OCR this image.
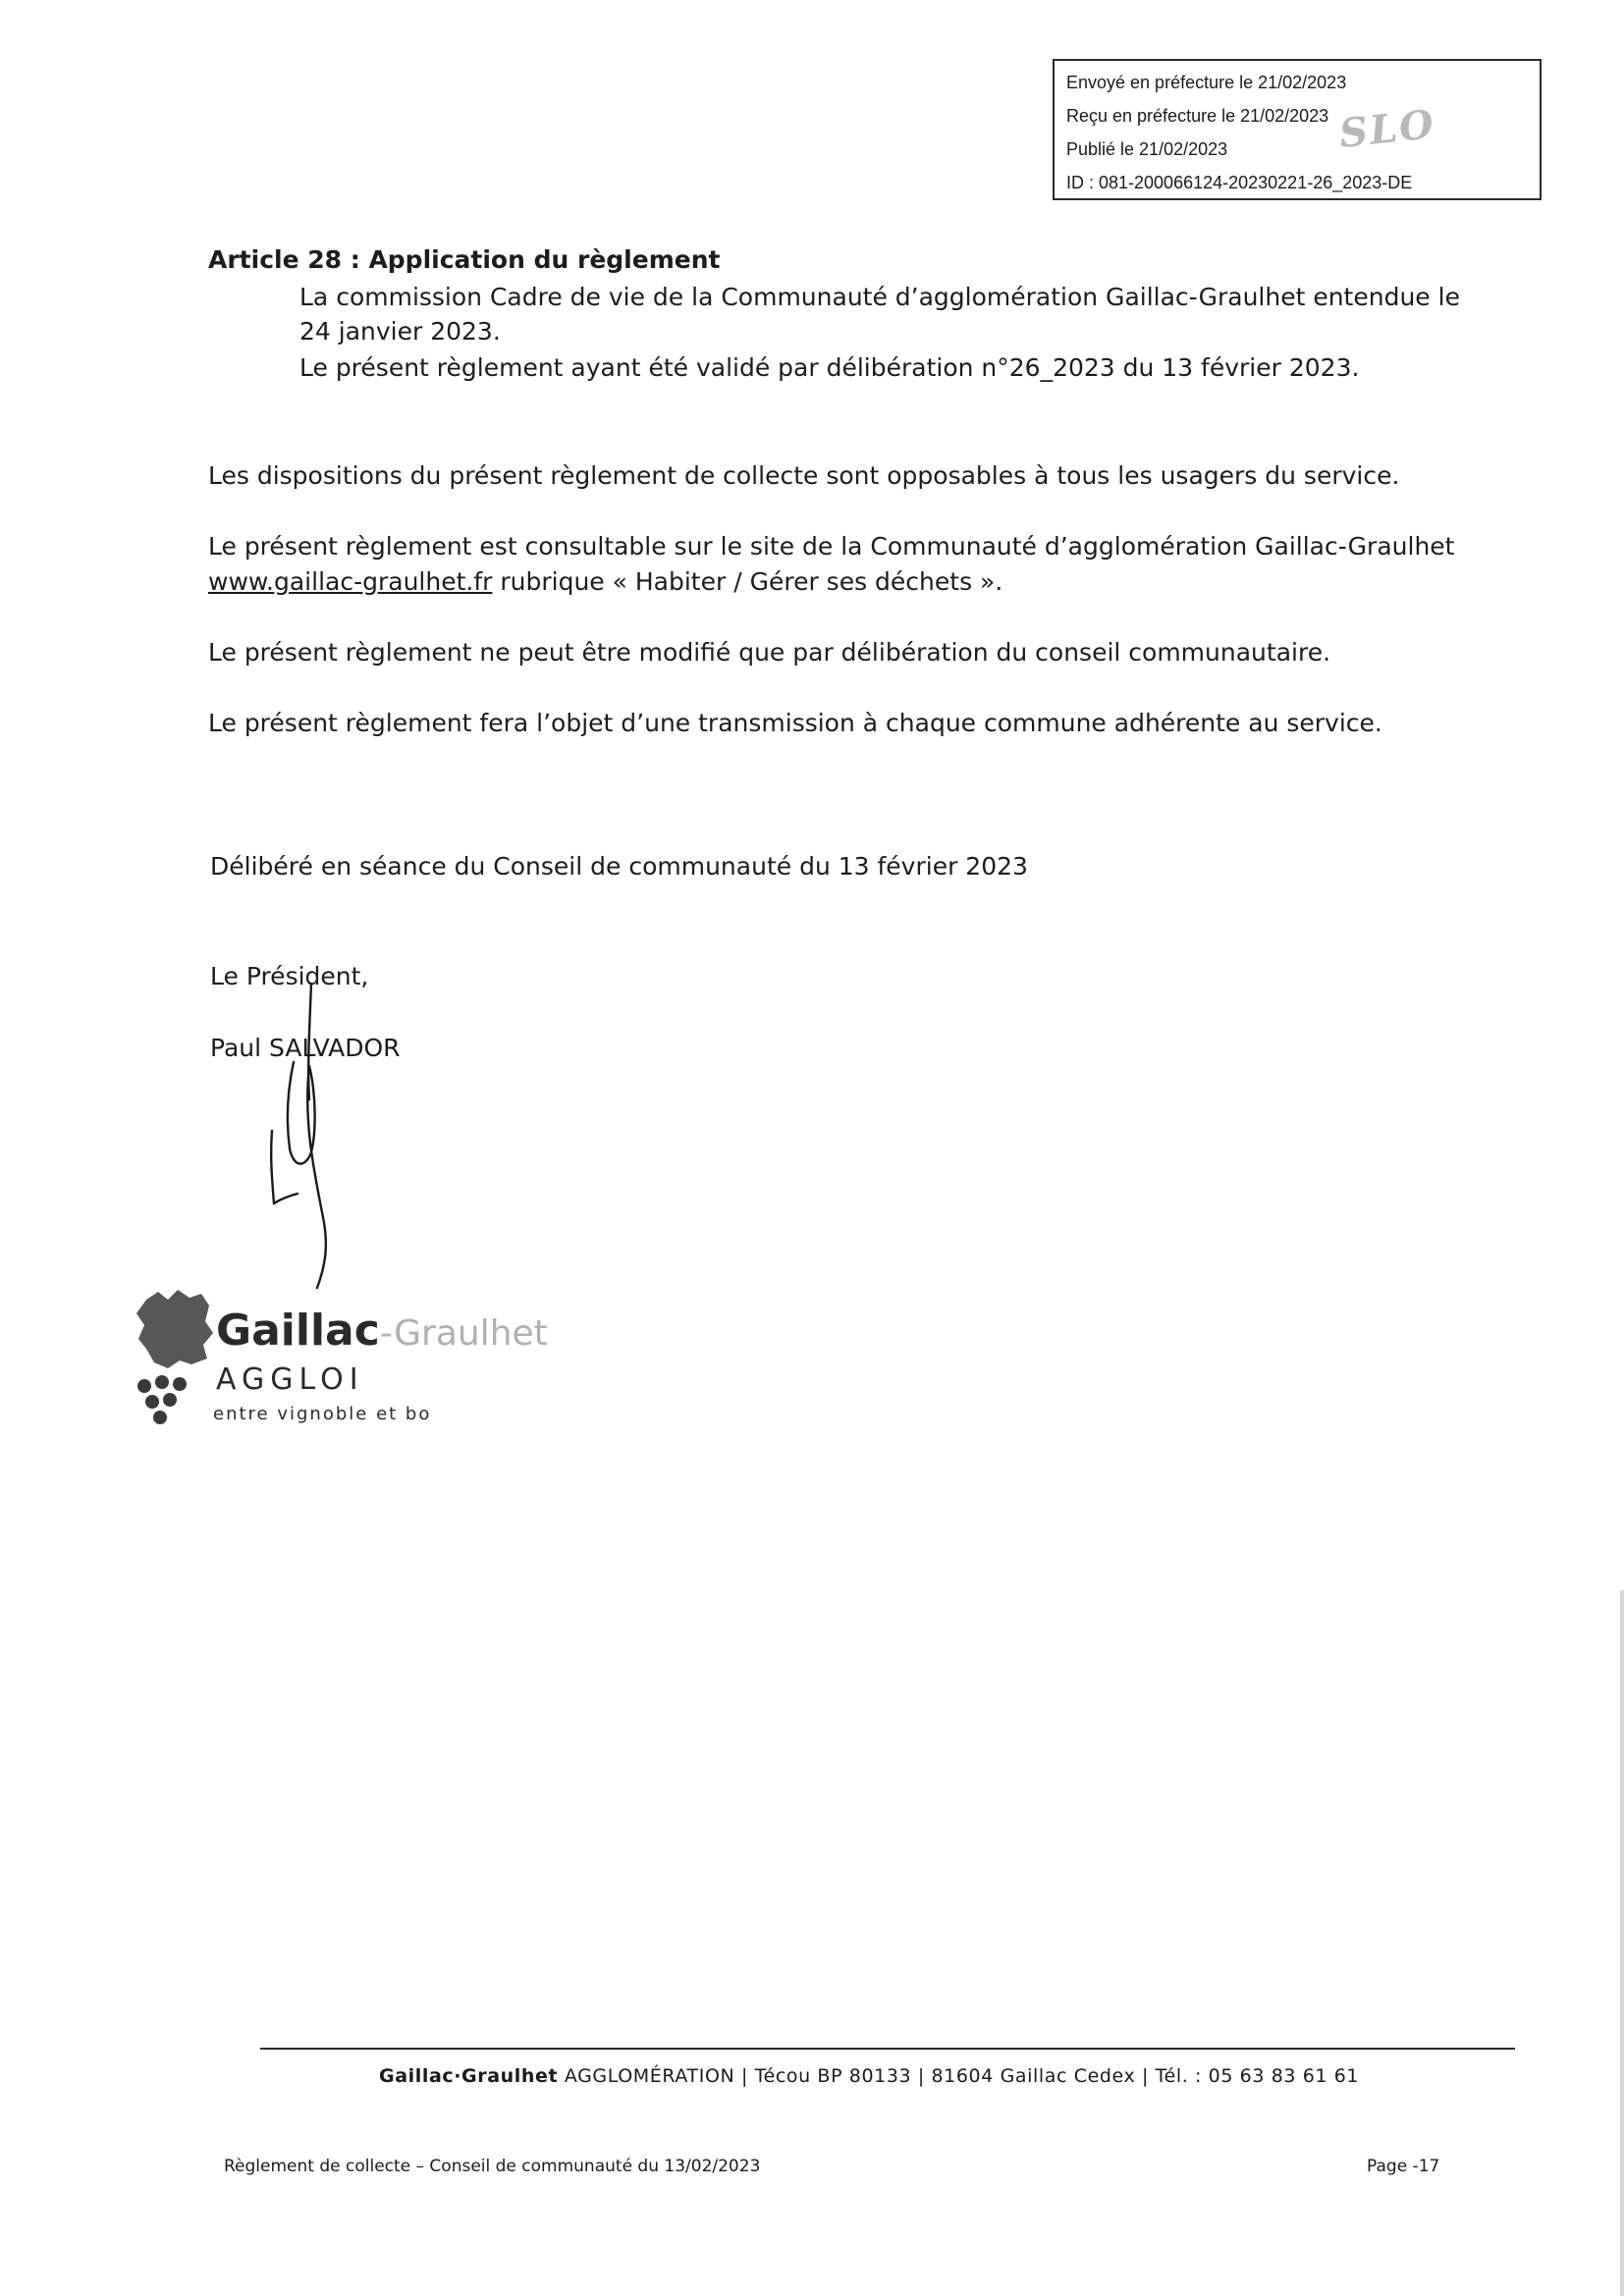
Envoyé en préfecture le 21/02/2023
Reçu en préfecture le 21/02/2023
Publié le 21/02/2023
ID : 081-200066124-20230221-26_2023-DE
SLO
Article 28 : Application du règlement
La commission Cadre de vie de la Communauté d’agglomération Gaillac-Graulhet entendue le
24 janvier 2023.
Le présent règlement ayant été validé par délibération n°26_2023 du 13 février 2023.
Les dispositions du présent règlement de collecte sont opposables à tous les usagers du service.
Le présent règlement est consultable sur le site de la Communauté d’agglomération Gaillac-Graulhet
www.gaillac-graulhet.fr rubrique « Habiter / Gérer ses déchets ».
Le présent règlement ne peut être modifié que par délibération du conseil communautaire.
Le présent règlement fera l’objet d’une transmission à chaque commune adhérente au service.
Délibéré en séance du Conseil de communauté du 13 février 2023
Le Président,
Paul SALVADOR
Gaillac-Graulhet
AGGLOI
entre vignoble et bo
Gaillac·Graulhet AGGLOMÉRATION | Técou BP 80133 | 81604 Gaillac Cedex | Tél. : 05 63 83 61 61
Règlement de collecte – Conseil de communauté du 13/02/2023	Page -17
